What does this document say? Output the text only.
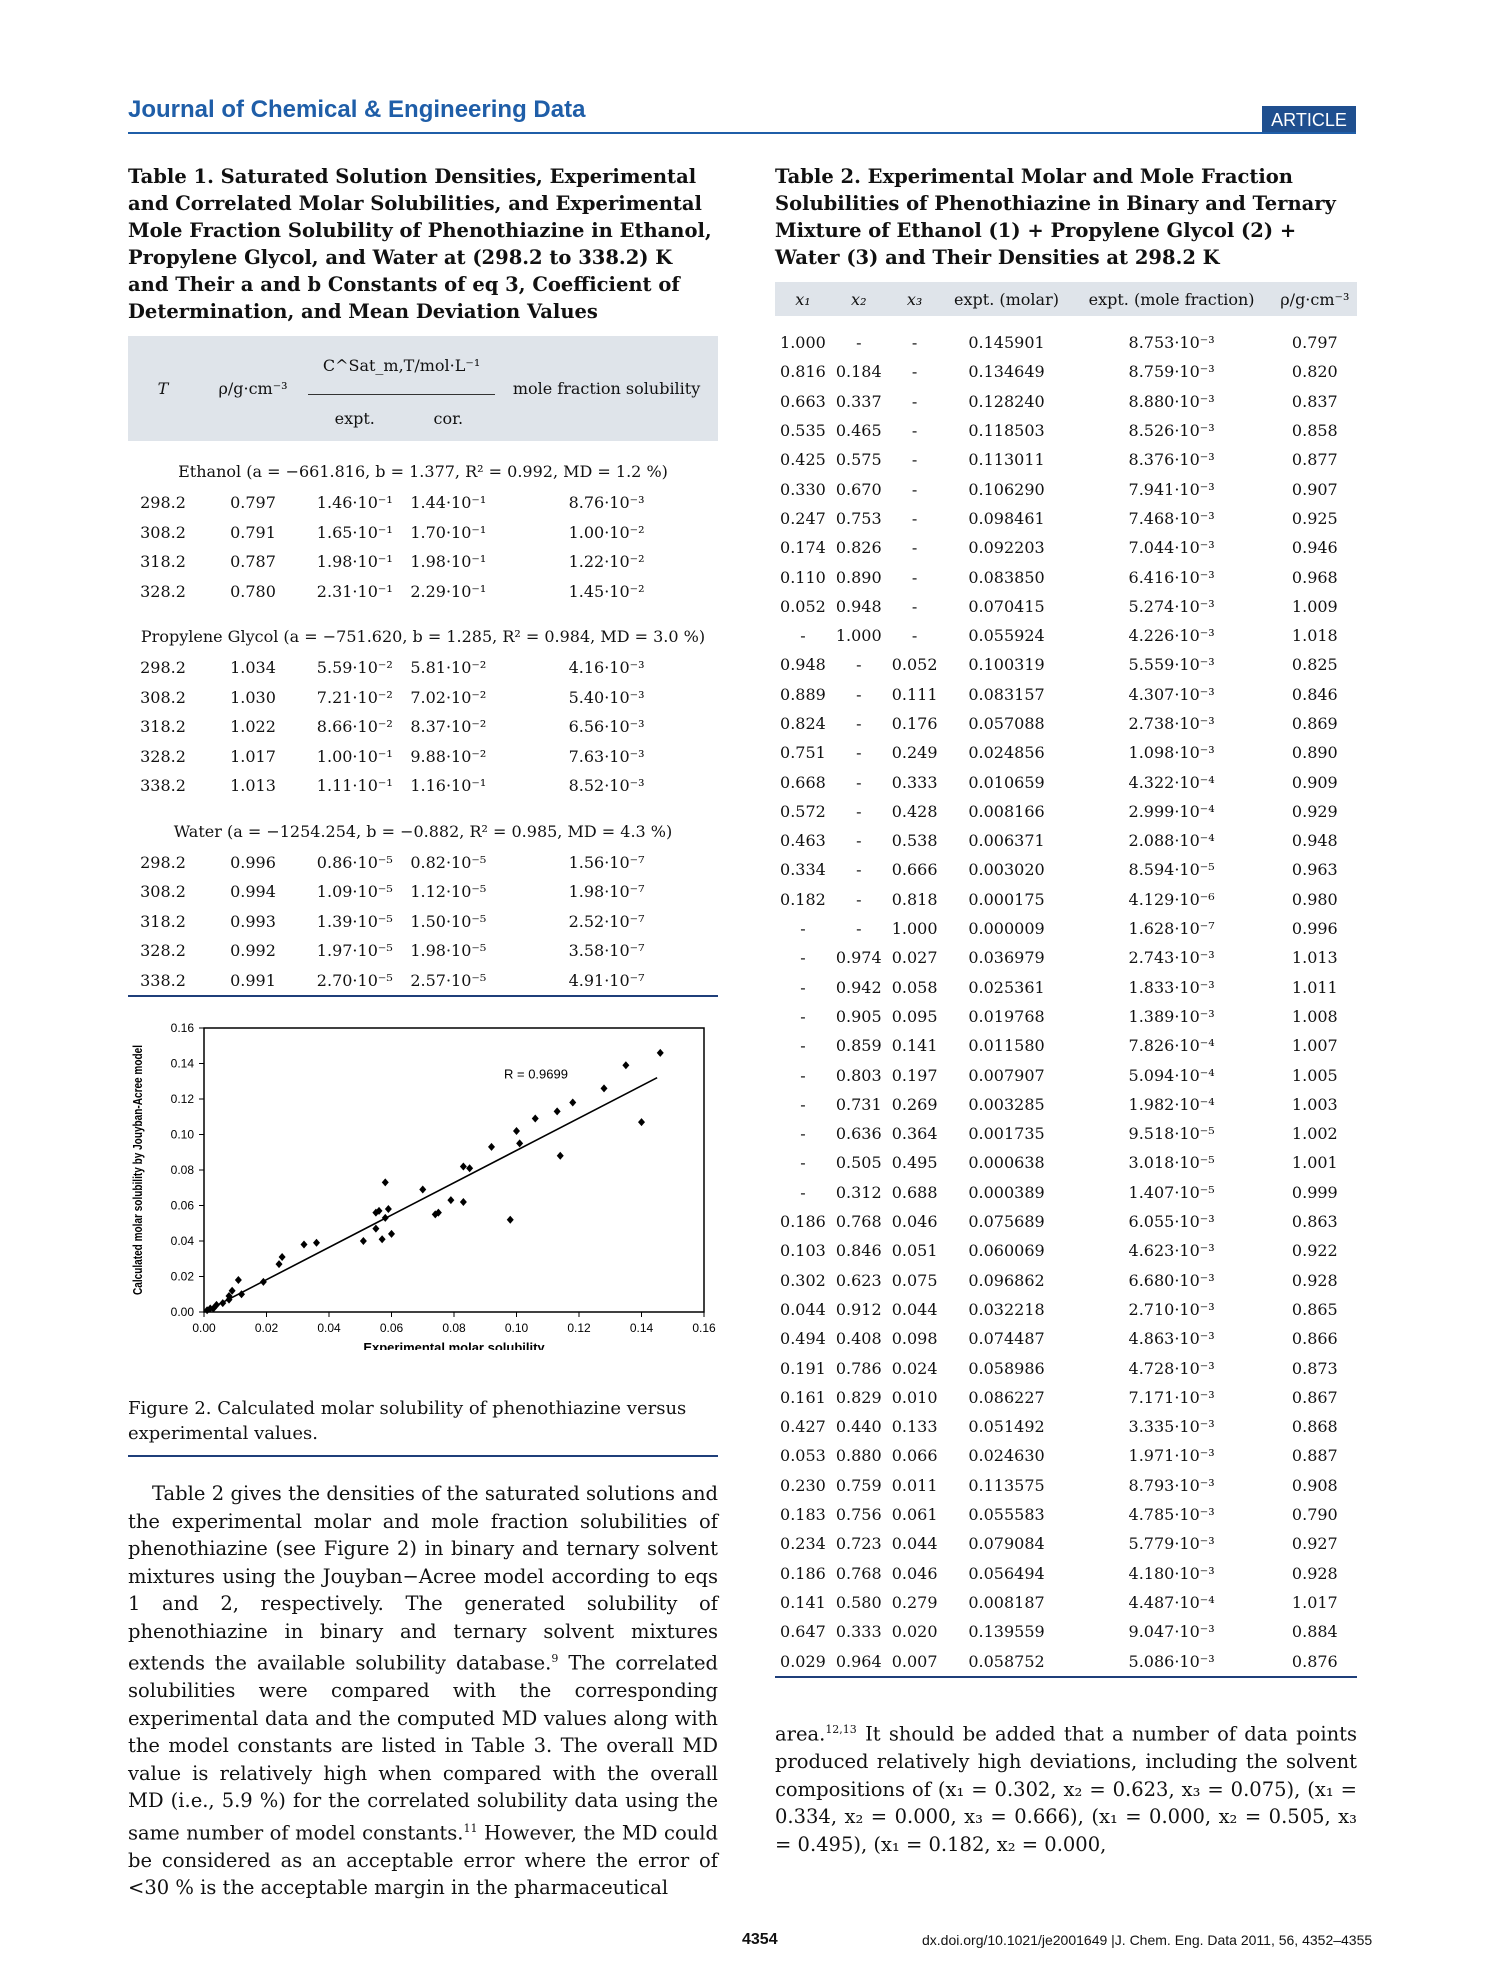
Journal of Chemical & Engineering Data	ARTICLE
Table 1. Saturated Solution Densities, Experimental and Correlated Molar Solubilities, and Experimental Mole Fraction Solubility of Phenothiazine in Ethanol, Propylene Glycol, and Water at (298.2 to 338.2) K and Their a and b Constants of eq 3, Coefficient of Determination, and Mean Deviation Values
T	ρ/g·cm⁻³	C^Sat_m,T/mol·L⁻¹		mole fraction solubility
		expt.	cor.	
Ethanol (a = −661.816, b = 1.377, R² = 0.992, MD = 1.2 %)				
298.2	0.797	1.46·10⁻¹	1.44·10⁻¹	8.76·10⁻³
308.2	0.791	1.65·10⁻¹	1.70·10⁻¹	1.00·10⁻²
318.2	0.787	1.98·10⁻¹	1.98·10⁻¹	1.22·10⁻²
328.2	0.780	2.31·10⁻¹	2.29·10⁻¹	1.45·10⁻²
Propylene Glycol (a = −751.620, b = 1.285, R² = 0.984, MD = 3.0 %)				
298.2	1.034	5.59·10⁻²	5.81·10⁻²	4.16·10⁻³
308.2	1.030	7.21·10⁻²	7.02·10⁻²	5.40·10⁻³
318.2	1.022	8.66·10⁻²	8.37·10⁻²	6.56·10⁻³
328.2	1.017	1.00·10⁻¹	9.88·10⁻²	7.63·10⁻³
338.2	1.013	1.11·10⁻¹	1.16·10⁻¹	8.52·10⁻³
Water (a = −1254.254, b = −0.882, R² = 0.985, MD = 4.3 %)				
298.2	0.996	0.86·10⁻⁵	0.82·10⁻⁵	1.56·10⁻⁷
308.2	0.994	1.09·10⁻⁵	1.12·10⁻⁵	1.98·10⁻⁷
318.2	0.993	1.39·10⁻⁵	1.50·10⁻⁵	2.52·10⁻⁷
328.2	0.992	1.97·10⁻⁵	1.98·10⁻⁵	3.58·10⁻⁷
338.2	0.991	2.70·10⁻⁵	2.57·10⁻⁵	4.91·10⁻⁷
0.00	0.02	0.04	0.06	0.08	0.10	0.12	0.14	0.16
0.00
0.02
0.04
0.06
0.08
0.10
0.12
0.14
0.16
Experimental molar solubility
Calculated molar solubility by Jouyban-Acree model	R = 0.9699
Figure 2. Calculated molar solubility of phenothiazine versus experimental values.
Table 2 gives the densities of the saturated solutions and the experimental molar and mole fraction solubilities of phenothiazine (see Figure 2) in binary and ternary solvent mixtures using the Jouyban−Acree model according to eqs 1 and 2, respectively. The generated solubility of phenothiazine in binary and ternary solvent mixtures extends the available solubility database.$^9$ The correlated solubilities were compared with the corresponding experimental data and the computed MD values along with the model constants are listed in Table 3. The overall MD value is relatively high when compared with the overall MD (i.e., 5.9 %) for the correlated solubility data using the same number of model constants.$^{11}$ However, the MD could be considered as an acceptable error where the error of <30 % is the acceptable margin in the pharmaceutical
Table 2. Experimental Molar and Mole Fraction Solubilities of Phenothiazine in Binary and Ternary Mixture of Ethanol (1) + Propylene Glycol (2) + Water (3) and Their Densities at 298.2 K
x₁	x₂	x₃	expt. (molar)	expt. (mole fraction)	ρ/g·cm⁻³

1.000	-	-	0.145901	8.753·10⁻³	0.797
0.816	0.184	-	0.134649	8.759·10⁻³	0.820
0.663	0.337	-	0.128240	8.880·10⁻³	0.837
0.535	0.465	-	0.118503	8.526·10⁻³	0.858
0.425	0.575	-	0.113011	8.376·10⁻³	0.877
0.330	0.670	-	0.106290	7.941·10⁻³	0.907
0.247	0.753	-	0.098461	7.468·10⁻³	0.925
0.174	0.826	-	0.092203	7.044·10⁻³	0.946
0.110	0.890	-	0.083850	6.416·10⁻³	0.968
0.052	0.948	-	0.070415	5.274·10⁻³	1.009
-	1.000	-	0.055924	4.226·10⁻³	1.018
0.948	-	0.052	0.100319	5.559·10⁻³	0.825
0.889	-	0.111	0.083157	4.307·10⁻³	0.846
0.824	-	0.176	0.057088	2.738·10⁻³	0.869
0.751	-	0.249	0.024856	1.098·10⁻³	0.890
0.668	-	0.333	0.010659	4.322·10⁻⁴	0.909
0.572	-	0.428	0.008166	2.999·10⁻⁴	0.929
0.463	-	0.538	0.006371	2.088·10⁻⁴	0.948
0.334	-	0.666	0.003020	8.594·10⁻⁵	0.963
0.182	-	0.818	0.000175	4.129·10⁻⁶	0.980
-	-	1.000	0.000009	1.628·10⁻⁷	0.996
-	0.974	0.027	0.036979	2.743·10⁻³	1.013
-	0.942	0.058	0.025361	1.833·10⁻³	1.011
-	0.905	0.095	0.019768	1.389·10⁻³	1.008
-	0.859	0.141	0.011580	7.826·10⁻⁴	1.007
-	0.803	0.197	0.007907	5.094·10⁻⁴	1.005
-	0.731	0.269	0.003285	1.982·10⁻⁴	1.003
-	0.636	0.364	0.001735	9.518·10⁻⁵	1.002
-	0.505	0.495	0.000638	3.018·10⁻⁵	1.001
-	0.312	0.688	0.000389	1.407·10⁻⁵	0.999
0.186	0.768	0.046	0.075689	6.055·10⁻³	0.863
0.103	0.846	0.051	0.060069	4.623·10⁻³	0.922
0.302	0.623	0.075	0.096862	6.680·10⁻³	0.928
0.044	0.912	0.044	0.032218	2.710·10⁻³	0.865
0.494	0.408	0.098	0.074487	4.863·10⁻³	0.866
0.191	0.786	0.024	0.058986	4.728·10⁻³	0.873
0.161	0.829	0.010	0.086227	7.171·10⁻³	0.867
0.427	0.440	0.133	0.051492	3.335·10⁻³	0.868
0.053	0.880	0.066	0.024630	1.971·10⁻³	0.887
0.230	0.759	0.011	0.113575	8.793·10⁻³	0.908
0.183	0.756	0.061	0.055583	4.785·10⁻³	0.790
0.234	0.723	0.044	0.079084	5.779·10⁻³	0.927
0.186	0.768	0.046	0.056494	4.180·10⁻³	0.928
0.141	0.580	0.279	0.008187	4.487·10⁻⁴	1.017
0.647	0.333	0.020	0.139559	9.047·10⁻³	0.884
0.029	0.964	0.007	0.058752	5.086·10⁻³	0.876
area.$^{12,13}$ It should be added that a number of data points produced relatively high deviations, including the solvent compositions of (x₁ = 0.302, x₂ = 0.623, x₃ = 0.075), (x₁ = 0.334, x₂ = 0.000, x₃ = 0.666), (x₁ = 0.000, x₂ = 0.505, x₃ = 0.495), (x₁ = 0.182, x₂ = 0.000,
4354	dx.doi.org/10.1021/je2001649 |J. Chem. Eng. Data 2011, 56, 4352–4355
